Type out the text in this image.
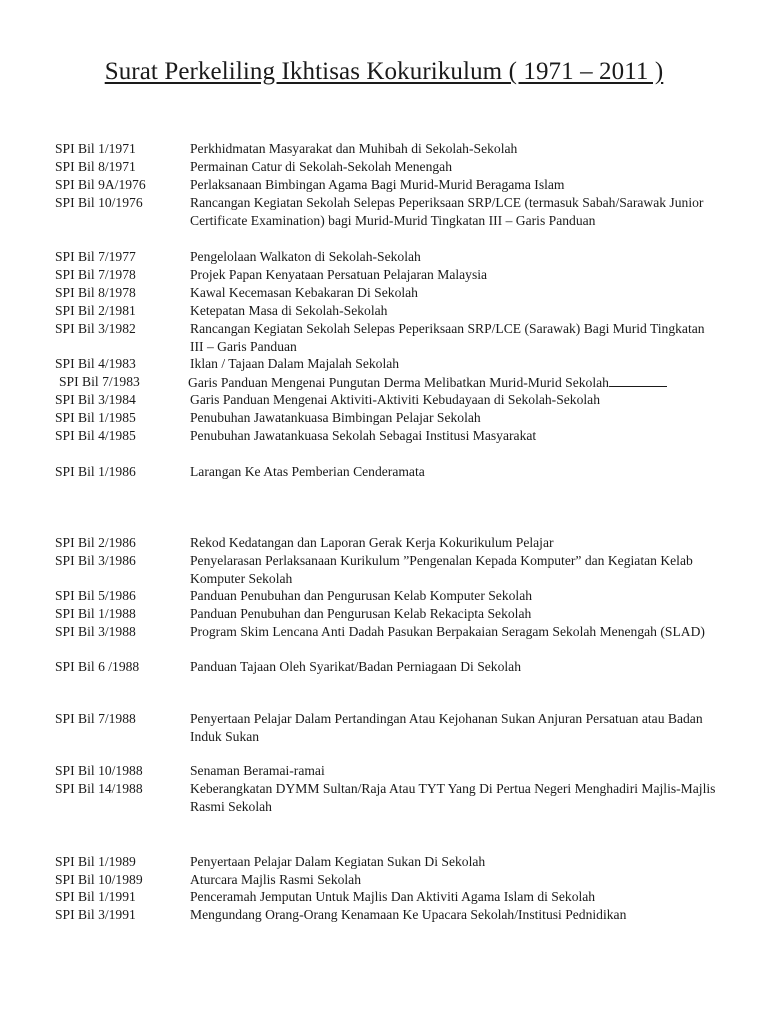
Surat Perkeliling Ikhtisas Kokurikulum ( 1971 – 2011 )
SPI Bil 1/1971	Perkhidmatan Masyarakat dan Muhibah di Sekolah-Sekolah
SPI Bil 8/1971	Permainan Catur di Sekolah-Sekolah Menengah
SPI Bil 9A/1976	Perlaksanaan Bimbingan Agama Bagi Murid-Murid Beragama Islam
SPI Bil 10/1976	Rancangan Kegiatan Sekolah Selepas Peperiksaan SRP/LCE (termasuk Sabah/Sarawak Junior Certificate Examination) bagi Murid-Murid Tingkatan III – Garis Panduan
SPI Bil 7/1977	Pengelolaan Walkaton di Sekolah-Sekolah
SPI Bil 7/1978	Projek Papan Kenyataan Persatuan Pelajaran Malaysia
SPI Bil 8/1978	Kawal Kecemasan Kebakaran Di Sekolah
SPI Bil 2/1981	Ketepatan Masa di Sekolah-Sekolah
SPI Bil 3/1982	Rancangan Kegiatan Sekolah Selepas Peperiksaan SRP/LCE (Sarawak) Bagi Murid Tingkatan III – Garis Panduan
SPI Bil 4/1983	Iklan / Tajaan Dalam Majalah Sekolah
SPI Bil 7/1983	Garis Panduan Mengenai Pungutan Derma Melibatkan Murid-Murid Sekolah
SPI Bil 3/1984	Garis Panduan Mengenai Aktiviti-Aktiviti Kebudayaan di Sekolah-Sekolah
SPI Bil 1/1985	Penubuhan Jawatankuasa Bimbingan Pelajar Sekolah
SPI Bil 4/1985	Penubuhan Jawatankuasa Sekolah Sebagai Institusi Masyarakat
SPI Bil 1/1986	Larangan Ke Atas Pemberian Cenderamata
SPI Bil 2/1986	Rekod Kedatangan dan Laporan Gerak Kerja Kokurikulum Pelajar
SPI Bil 3/1986	Penyelarasan Perlaksanaan Kurikulum ”Pengenalan Kepada Komputer” dan Kegiatan Kelab Komputer Sekolah
SPI Bil 5/1986	Panduan Penubuhan dan Pengurusan Kelab Komputer Sekolah
SPI Bil 1/1988	Panduan Penubuhan dan Pengurusan Kelab Rekacipta Sekolah
SPI Bil 3/1988	Program Skim Lencana Anti Dadah Pasukan Berpakaian Seragam Sekolah Menengah (SLAD)
SPI Bil 6 /1988	Panduan Tajaan Oleh Syarikat/Badan Perniagaan Di Sekolah
SPI Bil 7/1988	Penyertaan Pelajar Dalam Pertandingan Atau Kejohanan Sukan Anjuran Persatuan atau Badan Induk Sukan
SPI Bil 10/1988	Senaman Beramai-ramai
SPI Bil 14/1988	Keberangkatan DYMM Sultan/Raja Atau TYT Yang Di Pertua Negeri Menghadiri Majlis-Majlis Rasmi Sekolah
SPI Bil 1/1989	Penyertaan Pelajar Dalam Kegiatan Sukan Di Sekolah
SPI Bil 10/1989	Aturcara Majlis Rasmi Sekolah
SPI Bil 1/1991	Penceramah Jemputan Untuk Majlis Dan Aktiviti Agama Islam di Sekolah
SPI Bil 3/1991	Mengundang Orang-Orang Kenamaan Ke Upacara Sekolah/Institusi Pednidikan
